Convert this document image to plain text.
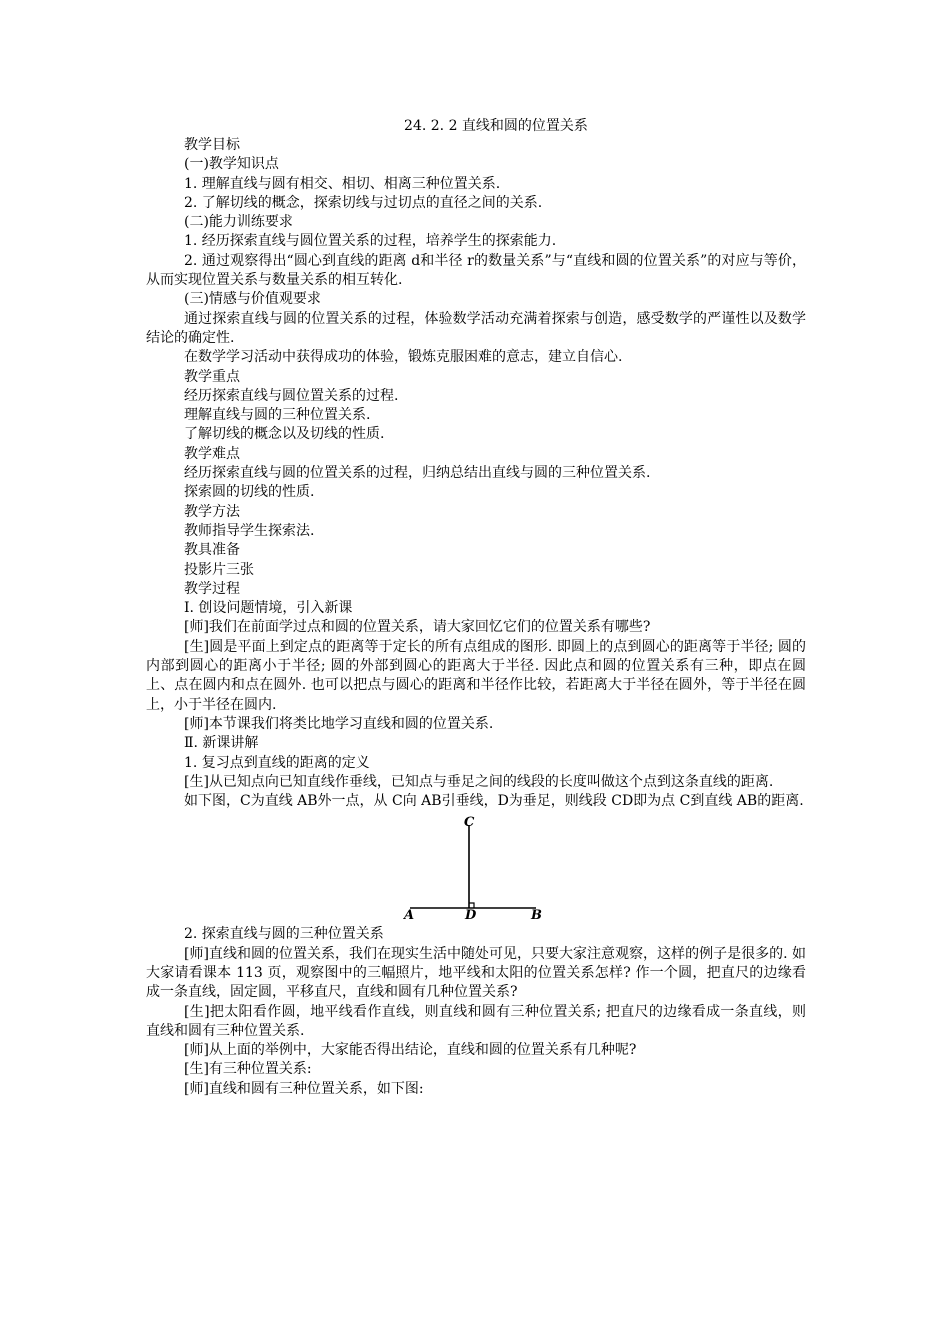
24. 2. 2 直线和圆的位置关系

教学目标

(一)教学知识点

1. 理解直线与圆有相交、相切、相离三种位置关系.

2. 了解切线的概念，探索切线与过切点的直径之间的关系.

(二)能力训练要求

1. 经历探索直线与圆位置关系的过程，培养学生的探索能力.

2. 通过观察得出“圆心到直线的距离 d和半径 r的数量关系”与“直线和圆的位置关系”的对应与等价，从而实现位置关系与数量关系的相互转化.

(三)情感与价值观要求

通过探索直线与圆的位置关系的过程，体验数学活动充满着探索与创造，感受数学的严谨性以及数学结论的确定性.

在数学学习活动中获得成功的体验，锻炼克服困难的意志，建立自信心.

教学重点

经历探索直线与圆位置关系的过程.

理解直线与圆的三种位置关系.

了解切线的概念以及切线的性质.

教学难点

经历探索直线与圆的位置关系的过程，归纳总结出直线与圆的三种位置关系.

探索圆的切线的性质.

教学方法

教师指导学生探索法.

教具准备

投影片三张

教学过程

Ⅰ. 创设问题情境，引入新课

[师]我们在前面学过点和圆的位置关系，请大家回忆它们的位置关系有哪些?

[生]圆是平面上到定点的距离等于定长的所有点组成的图形. 即圆上的点到圆心的距离等于半径; 圆的内部到圆心的距离小于半径; 圆的外部到圆心的距离大于半径. 因此点和圆的位置关系有三种，即点在圆上、点在圆内和点在圆外. 也可以把点与圆心的距离和半径作比较，若距离大于半径在圆外，等于半径在圆上，小于半径在圆内.

[师]本节课我们将类比地学习直线和圆的位置关系.

Ⅱ. 新课讲解

1. 复习点到直线的距离的定义

[生]从已知点向已知直线作垂线，已知点与垂足之间的线段的长度叫做这个点到这条直线的距离.

如下图，C为直线 AB外一点，从 C向 AB引垂线，D为垂足，则线段 CD即为点 C到直线 AB的距离.

C
A	D	B

2. 探索直线与圆的三种位置关系

[师]直线和圆的位置关系，我们在现实生活中随处可见，只要大家注意观察，这样的例子是很多的. 如大家请看课本 113 页，观察图中的三幅照片，地平线和太阳的位置关系怎样? 作一个圆，把直尺的边缘看成一条直线，固定圆，平移直尺，直线和圆有几种位置关系?

[生]把太阳看作圆，地平线看作直线，则直线和圆有三种位置关系; 把直尺的边缘看成一条直线，则直线和圆有三种位置关系.

[师]从上面的举例中，大家能否得出结论，直线和圆的位置关系有几种呢?

[生]有三种位置关系:

[师]直线和圆有三种位置关系，如下图:
